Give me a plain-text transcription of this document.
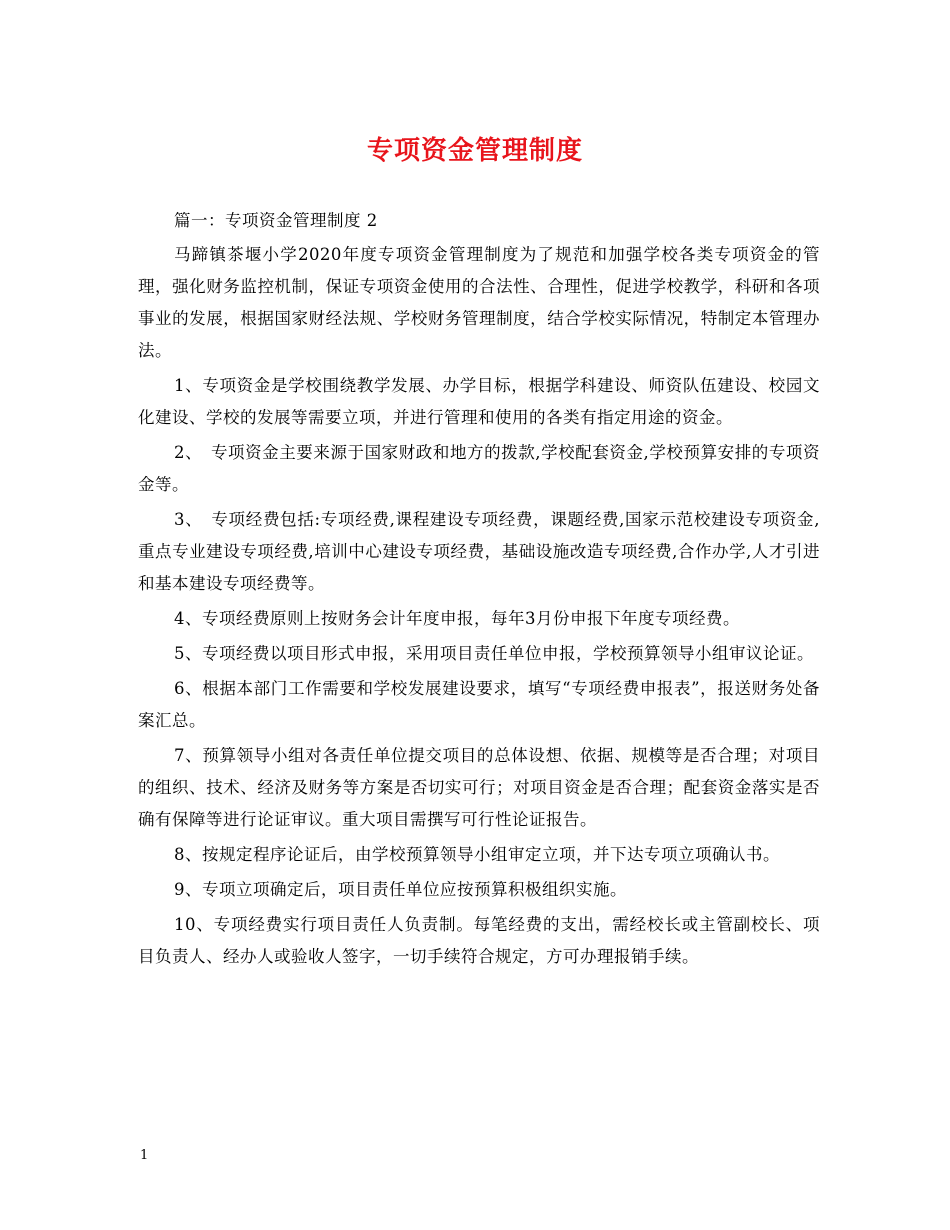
专项资金管理制度

篇一：专项资金管理制度 2

马蹄镇茶堰小学2020年度专项资金管理制度为了规范和加强学校各类专项资金的管理，强化财务监控机制，保证专项资金使用的合法性、合理性，促进学校教学，科研和各项事业的发展，根据国家财经法规、学校财务管理制度，结合学校实际情况，特制定本管理办法。

1、专项资金是学校围绕教学发展、办学目标，根据学科建设、师资队伍建设、校园文化建设、学校的发展等需要立项，并进行管理和使用的各类有指定用途的资金。

2、　专项资金主要来源于国家财政和地方的拨款,学校配套资金,学校预算安排的专项资金等。

3、　专项经费包括:专项经费,课程建设专项经费，课题经费,国家示范校建设专项资金,重点专业建设专项经费,培训中心建设专项经费，基础设施改造专项经费,合作办学,人才引进和基本建设专项经费等。

4、专项经费原则上按财务会计年度申报，每年3月份申报下年度专项经费。

5、专项经费以项目形式申报，采用项目责任单位申报，学校预算领导小组审议论证。

6、根据本部门工作需要和学校发展建设要求，填写“专项经费申报表”，报送财务处备案汇总。

7、预算领导小组对各责任单位提交项目的总体设想、依据、规模等是否合理；对项目的组织、技术、经济及财务等方案是否切实可行；对项目资金是否合理；配套资金落实是否确有保障等进行论证审议。重大项目需撰写可行性论证报告。

8、按规定程序论证后，由学校预算领导小组审定立项，并下达专项立项确认书。

9、专项立项确定后，项目责任单位应按预算积极组织实施。

10、专项经费实行项目责任人负责制。每笔经费的支出，需经校长或主管副校长、项目负责人、经办人或验收人签字，一切手续符合规定，方可办理报销手续。

1
